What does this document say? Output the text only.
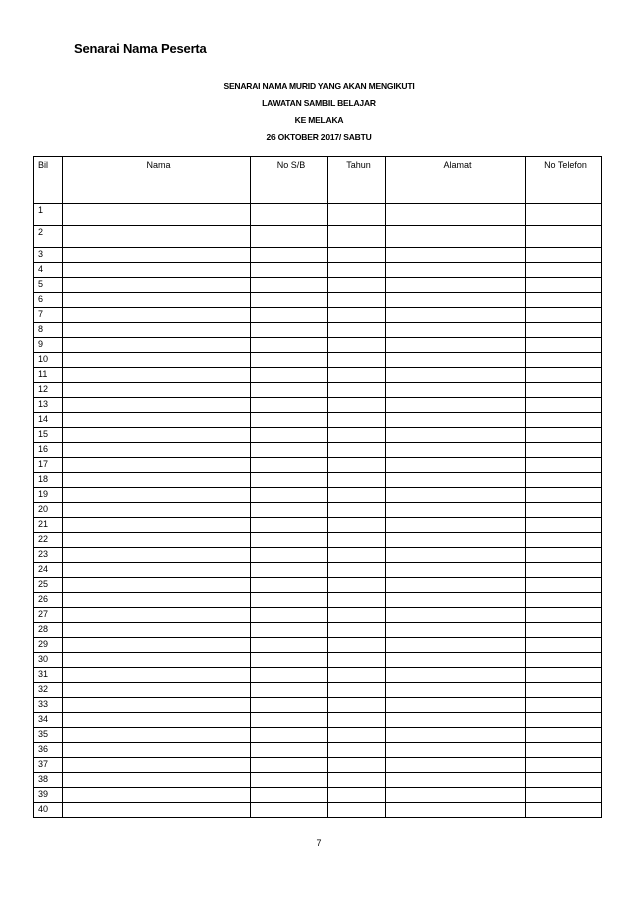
Senarai Nama Peserta
SENARAI NAMA MURID YANG AKAN MENGIKUTI
LAWATAN SAMBIL BELAJAR
KE MELAKA
26 OKTOBER 2017/ SABTU
Bil	Nama	No S/B	Tahun	Alamat	No Telefon
1					
2					
3					
4					
5					
6					
7					
8					
9					
10					
11					
12					
13					
14					
15					
16					
17					
18					
19					
20					
21					
22					
23					
24					
25					
26					
27					
28					
29					
30					
31					
32					
33					
34					
35					
36					
37					
38					
39					
40					
7
